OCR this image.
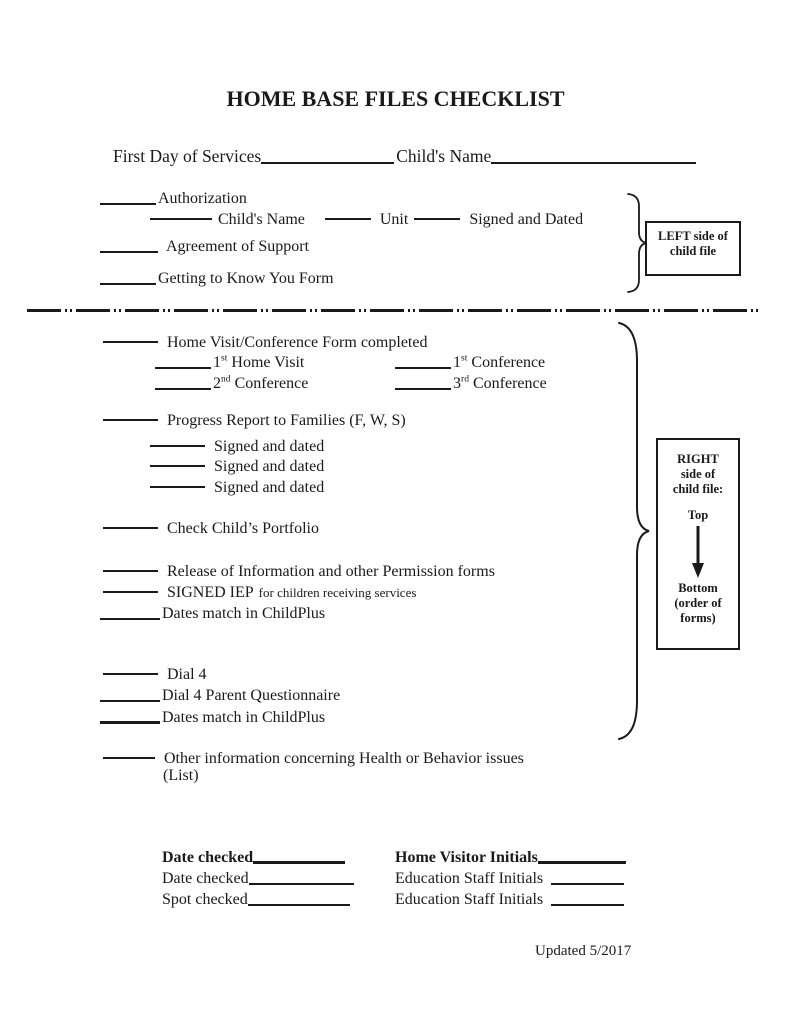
HOME BASE FILES CHECKLIST
First Day of Services	Child's Name
Authorization
Child's Name	Unit	Signed and Dated
Agreement of Support
Getting to Know You Form
LEFT side of
child file
Home Visit/Conference Form completed
1st Home Visit	1st Conference
2nd Conference	3rd Conference
Progress Report to Families (F, W, S)
Signed and dated
Signed and dated
Signed and dated
Check Child’s Portfolio
Release of Information and other Permission forms
SIGNED IEP for children receiving services
Dates match in ChildPlus
Dial 4
Dial 4 Parent Questionnaire
Dates match in ChildPlus
Other information concerning Health or Behavior issues
(List)
RIGHT
side of
child file:
Top
Bottom
(order of
forms)
Date checked	Home Visitor Initials
Date checked	Education Staff Initials
Spot checked	Education Staff Initials
Updated 5/2017
